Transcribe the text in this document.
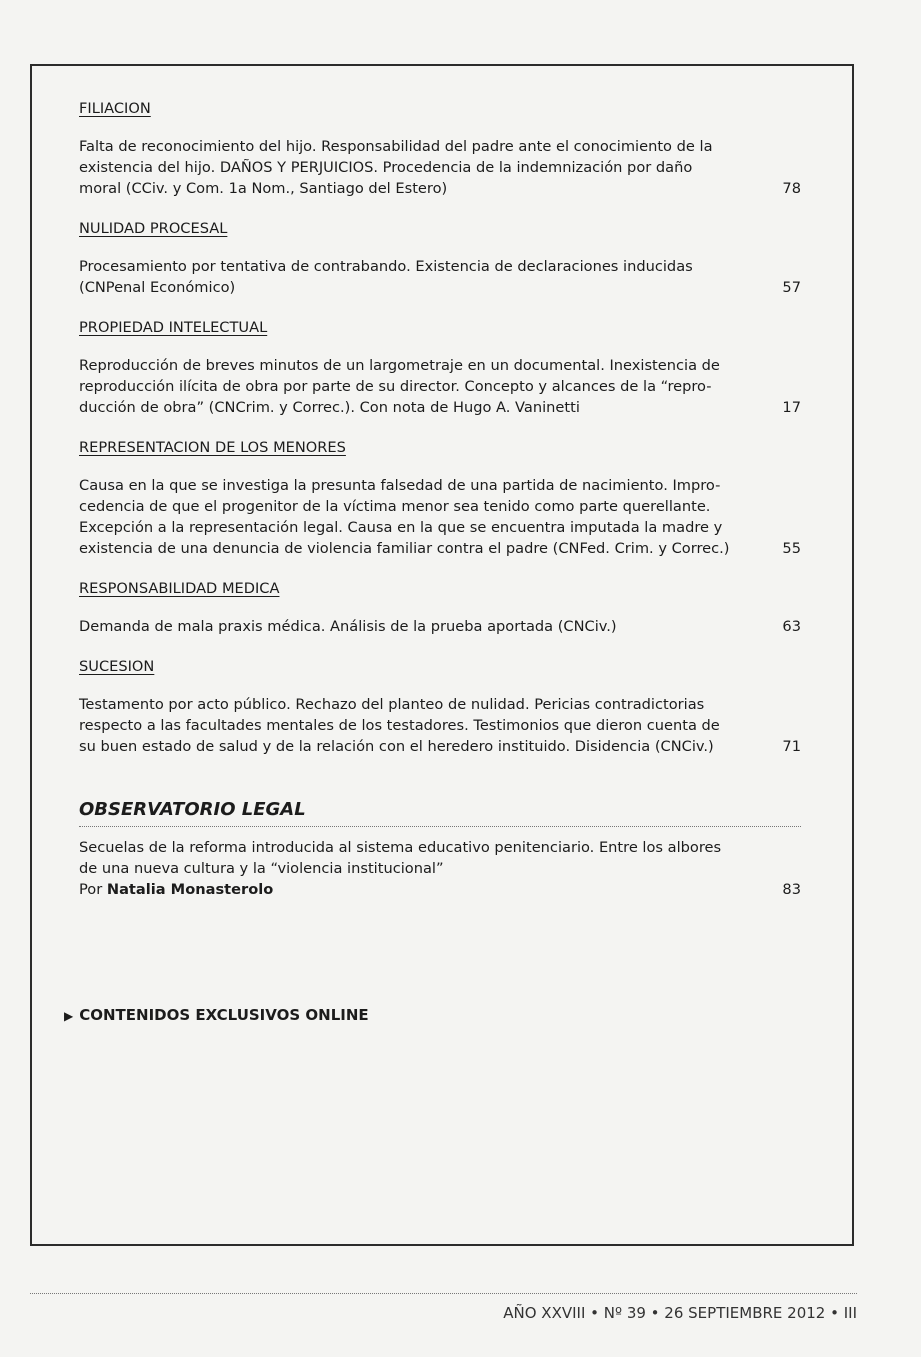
FILIACION
Falta de reconocimiento del hijo. Responsabilidad del padre ante el conocimiento de la existencia del hijo. DAÑOS Y PERJUICIOS. Procedencia de la indemnización por daño moral (CCiv. y Com. 1a Nom., Santiago del Estero)	78
NULIDAD PROCESAL
Procesamiento por tentativa de contrabando. Existencia de declaraciones inducidas (CNPenal Económico)	57
PROPIEDAD INTELECTUAL
Reproducción de breves minutos de un largometraje en un documental. Inexistencia de reproducción ilícita de obra por parte de su director. Concepto y alcances de la “repro-ducción de obra” (CNCrim. y Correc.). Con nota de Hugo A. Vaninetti	17
REPRESENTACION DE LOS MENORES
Causa en la que se investiga la presunta falsedad de una partida de nacimiento. Impro-cedencia de que el progenitor de la víctima menor sea tenido como parte querellante. Excepción a la representación legal. Causa en la que se encuentra imputada la madre y existencia de una denuncia de violencia familiar contra el padre (CNFed. Crim. y Correc.)	55
RESPONSABILIDAD MEDICA
Demanda de mala praxis médica. Análisis de la prueba aportada (CNCiv.)	63
SUCESION
Testamento por acto público. Rechazo del planteo de nulidad. Pericias contradictorias respecto a las facultades mentales de los testadores. Testimonios que dieron cuenta de su buen estado de salud y de la relación con el heredero instituido. Disidencia (CNCiv.)	71
OBSERVATORIO LEGAL
Secuelas de la reforma introducida al sistema educativo penitenciario. Entre los albores de una nueva cultura y la “violencia institucional”
Por Natalia Monasterolo	83
▶ CONTENIDOS EXCLUSIVOS ONLINE
AÑO XXVIII • Nº 39 • 26 SEPTIEMBRE 2012 • III
